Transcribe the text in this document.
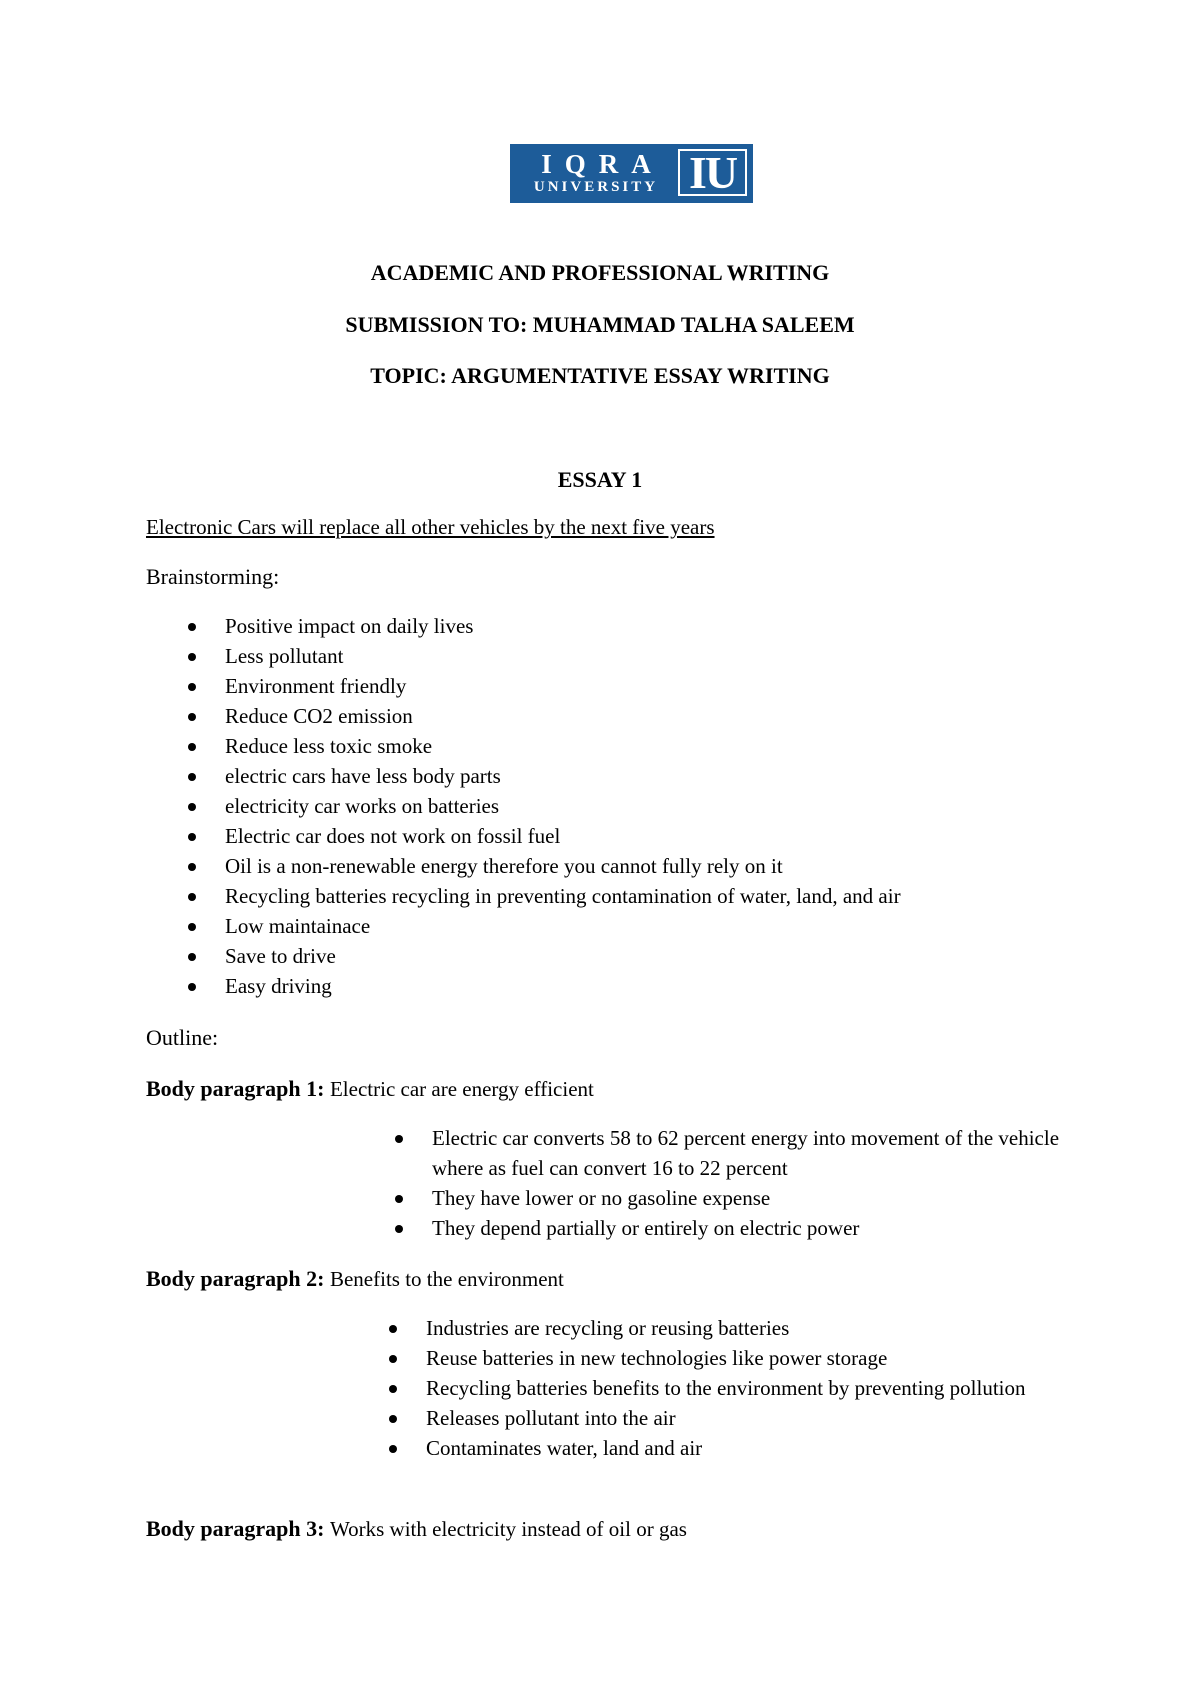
IQRA
UNIVERSITY IU
ACADEMIC AND PROFESSIONAL WRITING
SUBMISSION TO: MUHAMMAD TALHA SALEEM
TOPIC: ARGUMENTATIVE ESSAY WRITING
ESSAY 1
Electronic Cars will replace all other vehicles by the next five years
Brainstorming:
Positive impact on daily lives
Less pollutant
Environment friendly
Reduce CO2 emission
Reduce less toxic smoke
electric cars have less body parts
electricity car works on batteries
Electric car does not work on fossil fuel
Oil is a non-renewable energy therefore you cannot fully rely on it
Recycling batteries recycling in preventing contamination of water, land, and air
Low maintainace
Save to drive
Easy driving
Outline:
Body paragraph 1: Electric car are energy efficient
Electric car converts 58 to 62 percent energy into movement of the vehicle where as fuel can convert 16 to 22 percent
They have lower or no gasoline expense
They depend partially or entirely on electric power
Body paragraph 2: Benefits to the environment
Industries are recycling or reusing batteries
Reuse batteries in new technologies like power storage
Recycling batteries benefits to the environment by preventing pollution
Releases pollutant into the air
Contaminates water, land and air
Body paragraph 3: Works with electricity instead of oil or gas
